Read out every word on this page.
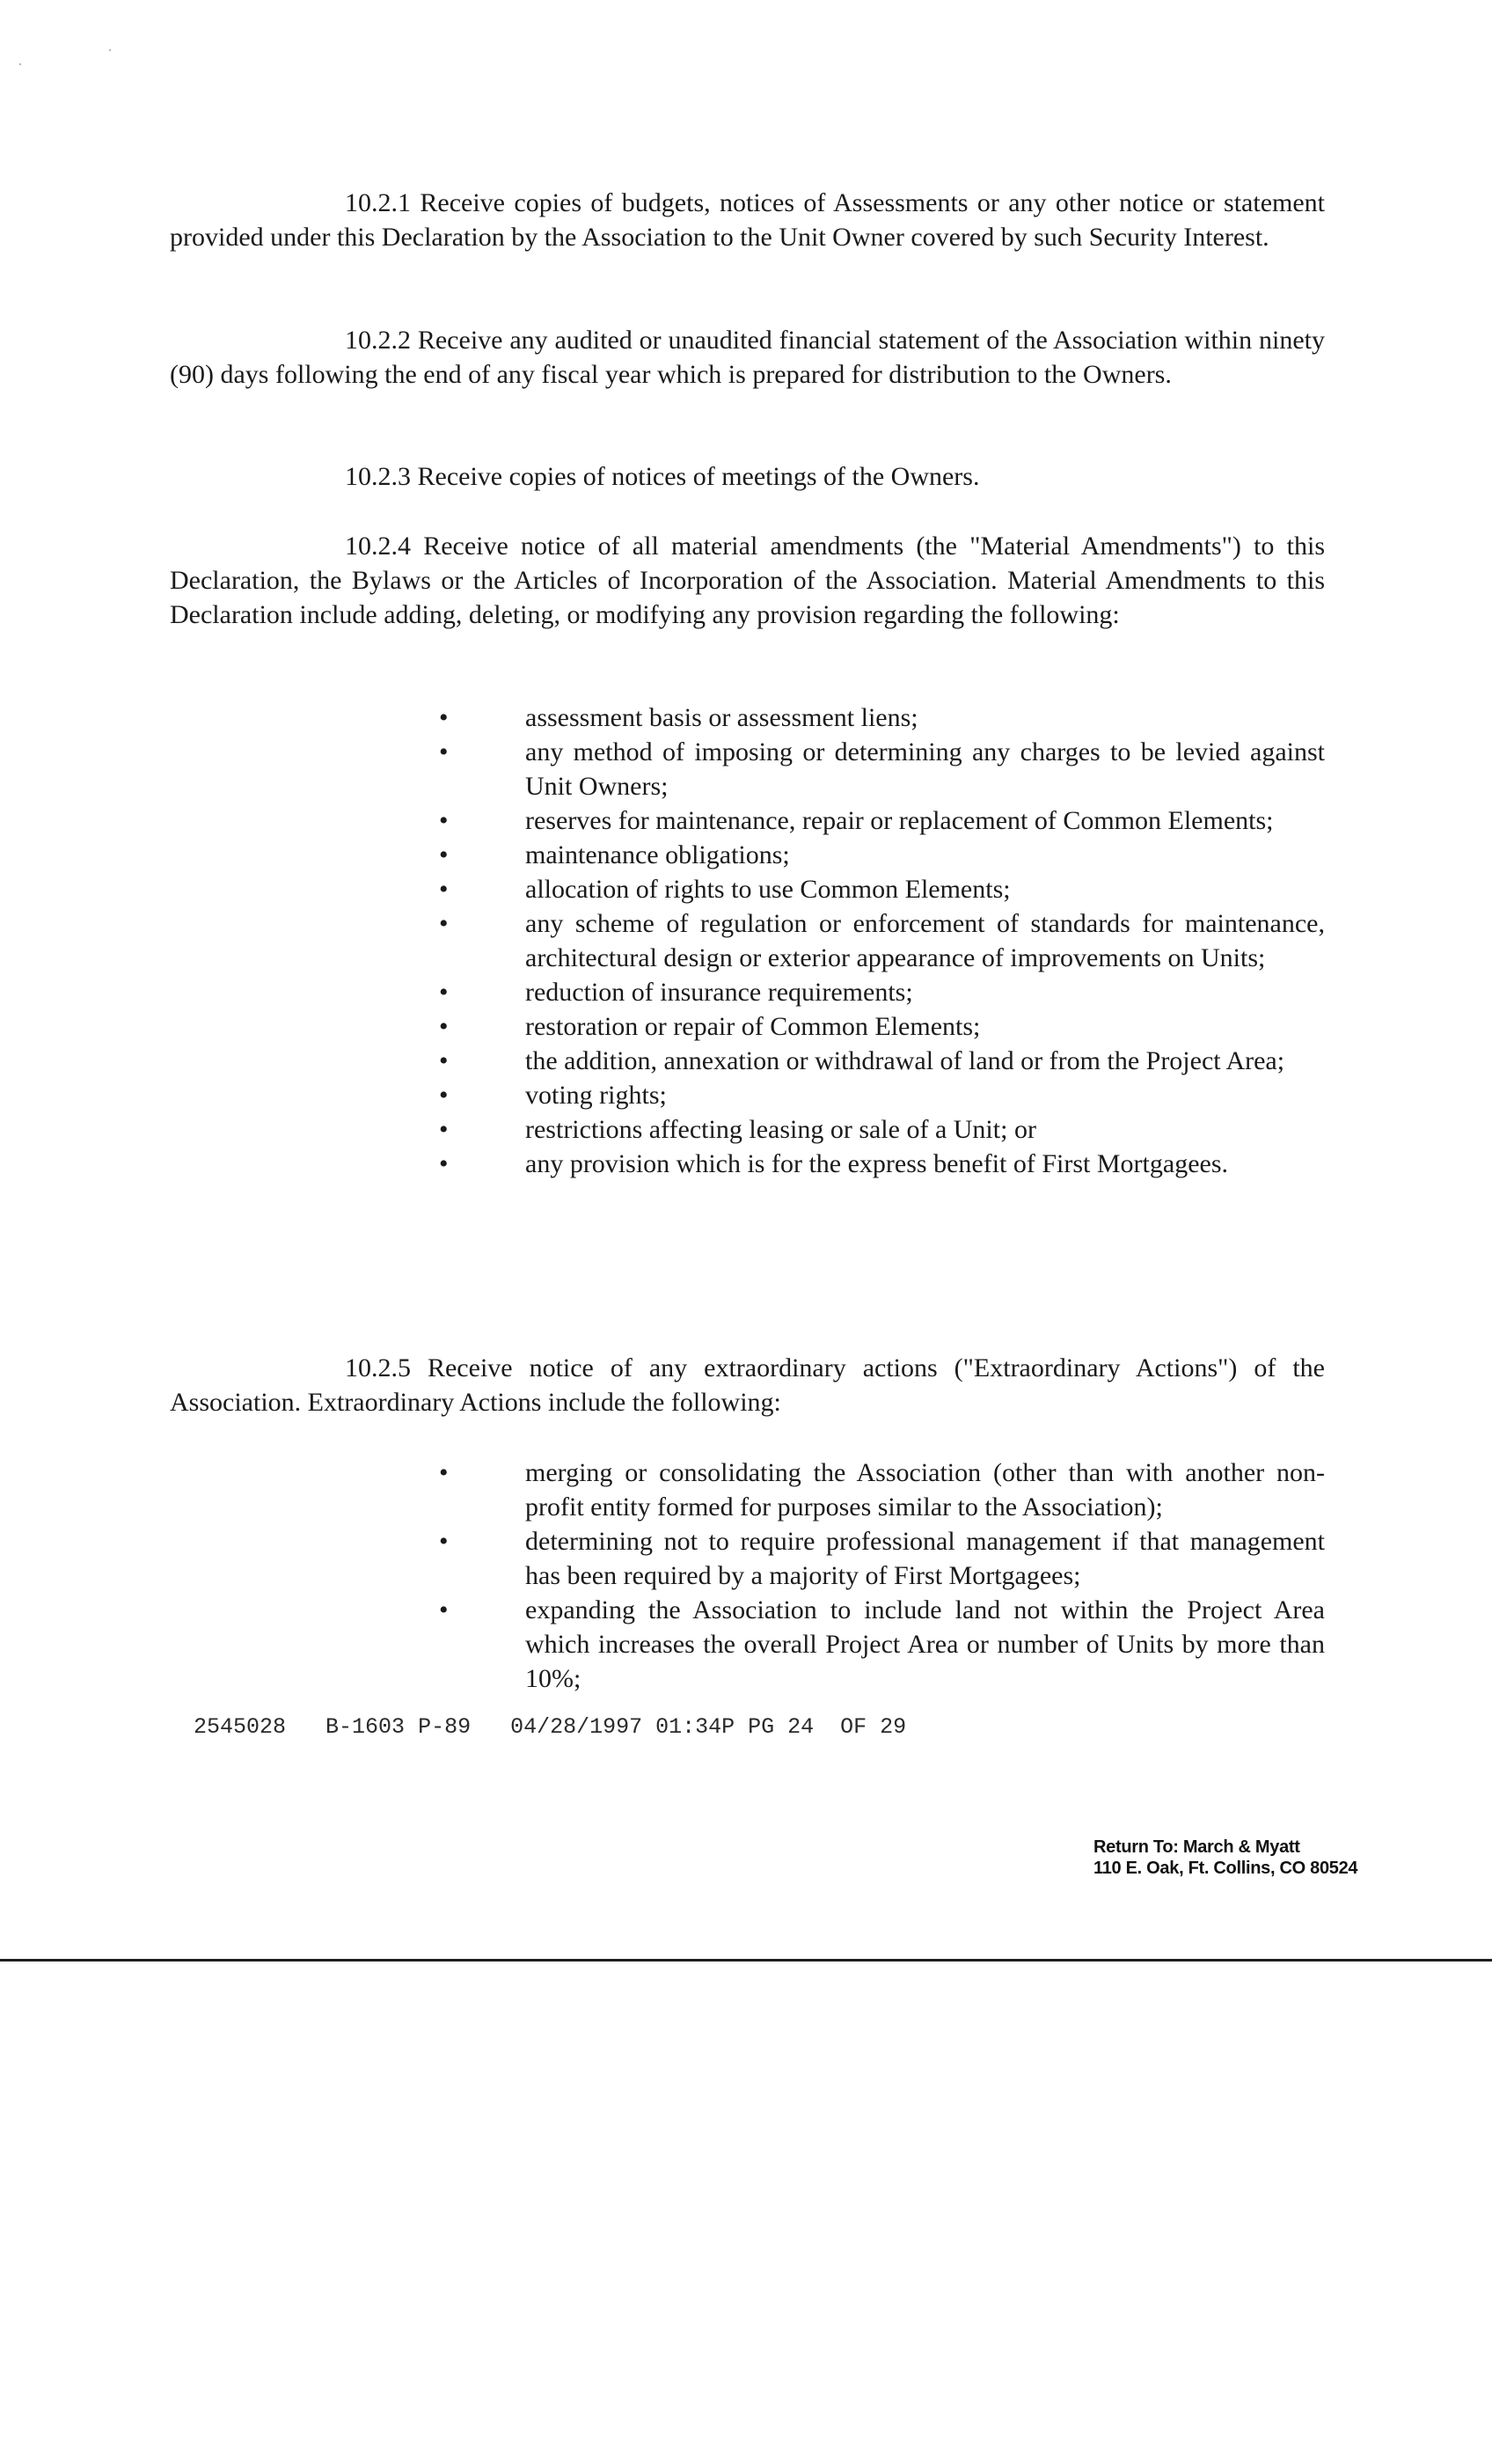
10.2.1 Receive copies of budgets, notices of Assessments or any other notice or statement provided under this Declaration by the Association to the Unit Owner covered by such Security Interest.

10.2.2 Receive any audited or unaudited financial statement of the Association within ninety (90) days following the end of any fiscal year which is prepared for distribution to the Owners.

10.2.3 Receive copies of notices of meetings of the Owners.

10.2.4 Receive notice of all material amendments (the "Material Amendments") to this Declaration, the Bylaws or the Articles of Incorporation of the Association. Material Amendments to this Declaration include adding, deleting, or modifying any provision regarding the following:

•	assessment basis or assessment liens;
•	any method of imposing or determining any charges to be levied against Unit Owners;
•	reserves for maintenance, repair or replacement of Common Elements;
•	maintenance obligations;
•	allocation of rights to use Common Elements;
•	any scheme of regulation or enforcement of standards for maintenance, architectural design or exterior appearance of improvements on Units;
•	reduction of insurance requirements;
•	restoration or repair of Common Elements;
•	the addition, annexation or withdrawal of land or from the Project Area;
•	voting rights;
•	restrictions affecting leasing or sale of a Unit; or
•	any provision which is for the express benefit of First Mortgagees.

10.2.5 Receive notice of any extraordinary actions ("Extraordinary Actions") of the Association. Extraordinary Actions include the following:

•	merging or consolidating the Association (other than with another non-profit entity formed for purposes similar to the Association);
•	determining not to require professional management if that management has been required by a majority of First Mortgagees;
•	expanding the Association to include land not within the Project Area which increases the overall Project Area or number of Units by more than 10%;
2545028 B-1603 P-89 04/28/1997 01:34P PG 24  OF 29
Return To: March & Myatt
110 E. Oak, Ft. Collins, CO 80524
